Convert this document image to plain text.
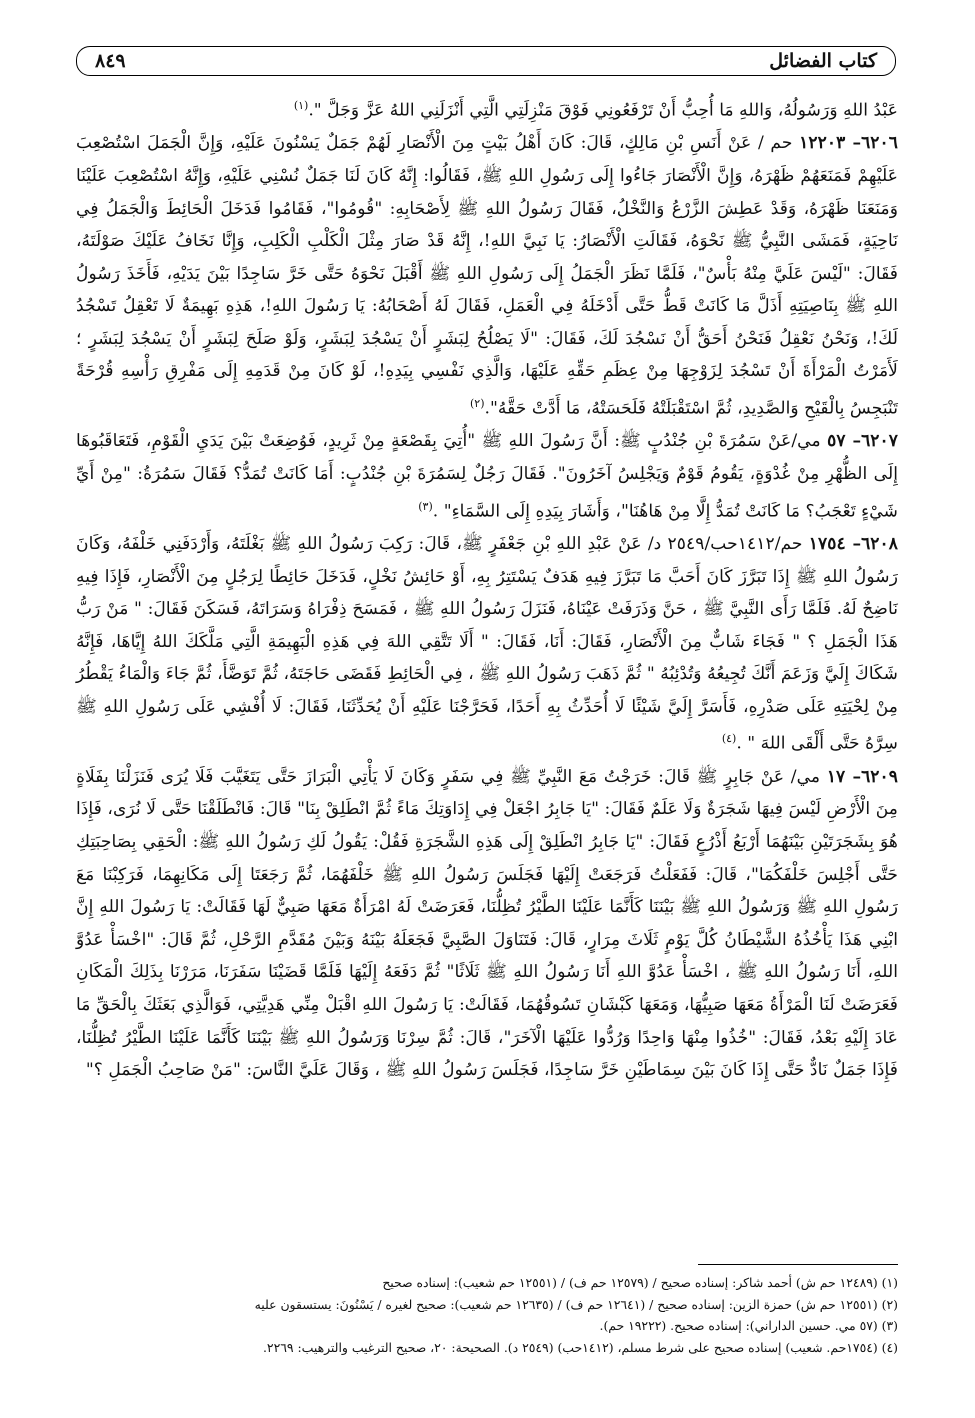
كتاب الفضائل
٨٤٩

عَبْدُ اللهِ وَرَسُولُهُ، وَاللهِ مَا أُحِبُّ أَنْ تَرْفَعُونِي فَوْقَ مَنْزِلَتِي الَّتِي أَنْزَلَنِي اللهُ عَزَّ وَجَلَّ ".$^{(١)}$

٦٢٠٦– ١٢٢٠٣ حم / عَنْ أَنَسِ بْنِ مَالِكٍ، قَالَ: كَانَ أَهْلُ بَيْتٍ مِنَ الْأَنْصَارِ لَهُمْ جَمَلٌ يَسْنُونَ عَلَيْهِ، وَإِنَّ الْجَمَلَ اسْتُصْعِبَ عَلَيْهِمْ فَمَنَعَهُمْ ظَهْرَهُ، وَإِنَّ الْأَنْصَارَ جَاءُوا إِلَى رَسُولِ اللهِ ﷺ، فَقَالُوا: إِنَّهُ كَانَ لَنَا جَمَلٌ نُسْنِي عَلَيْهِ، وَإِنَّهُ اسْتُصْعِبَ عَلَيْنَا وَمَنَعَنَا ظَهْرَهُ، وَقَدْ عَطِشَ الزَّرْعُ وَالنَّخْلُ، فَقَالَ رَسُولُ اللهِ ﷺ لِأَصْحَابِهِ: "قُومُوا"، فَقَامُوا فَدَخَلَ الْحَائِطَ وَالْجَمَلُ فِي نَاحِيَةٍ، فَمَشَى النَّبِيُّ ﷺ نَحْوَهُ، فَقَالَتِ الْأَنْصَارُ: يَا نَبِيَّ اللهِ!، إِنَّهُ قَدْ صَارَ مِثْلَ الْكَلْبِ الْكَلِبِ، وَإِنَّا نَخَافُ عَلَيْكَ صَوْلَتَهُ، فَقَالَ: "لَيْسَ عَلَيَّ مِنْهُ بَأْسٌ"، فَلَمَّا نَظَرَ الْجَمَلُ إِلَى رَسُولِ اللهِ ﷺ أَقْبَلَ نَحْوَهُ حَتَّى خَرَّ سَاجِدًا بَيْنَ يَدَيْهِ، فَأَخَذَ رَسُولُ اللهِ ﷺ بِنَاصِيَتِهِ أَذَلَّ مَا كَانَتْ قَطُّ حَتَّى أَدْخَلَهُ فِي الْعَمَلِ، فَقَالَ لَهُ أَصْحَابُهُ: يَا رَسُولَ اللهِ!، هَذِهِ بَهِيمَةٌ لَا تَعْقِلُ تَسْجُدُ لَكَ!، وَنَحْنُ نَعْقِلُ فَنَحْنُ أَحَقُّ أَنْ نَسْجُدَ لَكَ، فَقَالَ: "لَا يَصْلُحُ لِبَشَرٍ أَنْ يَسْجُدَ لِبَشَرٍ، وَلَوْ صَلَحَ لِبَشَرٍ أَنْ يَسْجُدَ لِبَشَرٍ ؛ لَأَمَرْتُ الْمَرْأَةَ أَنْ تَسْجُدَ لِزَوْجِهَا مِنْ عِظَمِ حَقِّهِ عَلَيْهَا، وَالَّذِي نَفْسِي بِيَدِهِ!، لَوْ كَانَ مِنْ قَدَمِهِ إِلَى مَفْرِقِ رَأْسِهِ قُرْحَةً تَنْبَجِسُ بِالْقَيْحِ وَالصَّدِيدِ، ثُمَّ اسْتَقْبَلَتْهُ فَلَحَسَتْهُ، مَا أَدَّتْ حَقَّهُ".$^{(٢)}$

٦٢٠٧– ٥٧ مي/عَنْ سَمُرَةَ بْنِ جُنْدُبٍ ﷺ: أَنَّ رَسُولَ اللهِ ﷺ "أُتِيَ بِقَصْعَةٍ مِنْ ثَرِيدٍ، فَوُضِعَتْ بَيْنَ يَدَيِ الْقَوْمِ، فَتَعَاقَبُوهَا إِلَى الظُّهْرِ مِنْ غُدْوَةٍ، يَقُومُ قَوْمٌ وَيَجْلِسُ آخَرُونَ". فَقَالَ رَجُلٌ لِسَمُرَةَ بْنِ جُنْدُبٍ: أَمَا كَانَتْ تُمَدُّ؟ فَقَالَ سَمُرَةُ: "مِنْ أَيِّ شَيْءٍ تَعْجَبُ؟ مَا كَانَتْ تُمَدُّ إِلَّا مِنْ هَاهُنَا"، وَأَشَارَ بِيَدِهِ إِلَى السَّمَاءِ" .$^{(٣)}$

٦٢٠٨– ١٧٥٤ حم/١٤١٢حب/٢٥٤٩ د/ عَنْ عَبْدِ اللهِ بْنِ جَعْفَرٍ ﷺ، قَالَ: رَكِبَ رَسُولُ اللهِ ﷺ بَغْلَتَهُ، وَأَرْدَفَنِي خَلْفَهُ، وَكَانَ رَسُولُ اللهِ ﷺ إِذَا تَبَرَّزَ كَانَ أَحَبَّ مَا تَبَرَّزَ فِيهِ هَدَفٌ يَسْتَتِرُ بِهِ، أَوْ حَائِشُ نَخْلٍ، فَدَخَلَ حَائِطًا لِرَجُلٍ مِنَ الْأَنْصَارِ، فَإِذَا فِيهِ نَاضِحٌ لَهُ. فَلَمَّا رَأَى النَّبِيَّ ﷺ ، حَنَّ وَذَرَفَتْ عَيْنَاهُ، فَنَزَلَ رَسُولُ اللهِ ﷺ ، فَمَسَحَ ذِفْرَاهُ وَسَرَاتَهُ، فَسَكَنَ فَقَالَ: " مَنْ رَبُّ هَذَا الْجَمَلِ ؟ " فَجَاءَ شَابٌّ مِنَ الْأَنْصَارِ، فَقَالَ: أَنَا، فَقَالَ: " أَلَا تَتَّقِي اللهَ فِي هَذِهِ الْبَهِيمَةِ الَّتِي مَلَّكَكَ اللهُ إِيَّاهَا، فَإِنَّهُ شَكَاكَ إِلَيَّ وَزَعَمَ أَنَّكَ تُجِيعُهُ وَتُدْئِبُهُ " ثُمَّ ذَهَبَ رَسُولُ اللهِ ﷺ ، فِي الْحَائِطِ فَقَضَى حَاجَتَهُ، ثُمَّ تَوَضَّأَ، ثُمَّ جَاءَ وَالْمَاءُ يَقْطُرُ مِنْ لِحْيَتِهِ عَلَى صَدْرِهِ، فَأَسَرَّ إِلَيَّ شَيْئًا لَا أُحَدِّثُ بِهِ أَحَدًا، فَحَرَّجْنَا عَلَيْهِ أَنْ يُحَدِّثَنَا، فَقَالَ: لَا أُفْشِي عَلَى رَسُولِ اللهِ ﷺ سِرَّهُ حَتَّى أَلْقَى اللهَ " .$^{(٤)}$

٦٢٠٩– ١٧ مي/ عَنْ جَابِرٍ ﷺ قَالَ: خَرَجْتُ مَعَ النَّبِيِّ ﷺ فِي سَفَرٍ وَكَانَ لَا يَأْتِي الْبَرَازَ حَتَّى يَتَغَيَّبَ فَلَا يُرَى فَنَزَلْنَا بِفَلَاةٍ مِنَ الْأَرْضِ لَيْسَ فِيهَا شَجَرَةٌ وَلَا عَلَمٌ فَقَالَ: "يَا جَابِرُ اجْعَلْ فِي إِدَاوَتِكَ مَاءً ثُمَّ انْطَلِقْ بِنَا" قَالَ: فَانْطَلَقْنَا حَتَّى لَا نُرَى، فَإِذَا هُوَ بِشَجَرَتَيْنِ بَيْنَهُمَا أَرْبَعُ أَذْرُعٍ فَقَالَ: "يَا جَابِرُ انْطَلِقْ إِلَى هَذِهِ الشَّجَرَةِ فَقُلْ: يَقُولُ لَكِ رَسُولُ اللهِ ﷺ: الْحَقِي بِصَاحِبَتِكِ حَتَّى أَجْلِسَ خَلْفَكُمَا"، قَالَ: فَفَعَلْتُ فَرَجَعَتْ إِلَيْهَا فَجَلَسَ رَسُولُ اللهِ ﷺ خَلْفَهُمَا، ثُمَّ رَجَعَتَا إِلَى مَكَانِهِمَا، فَرَكِبْنَا مَعَ رَسُولِ اللهِ ﷺ وَرَسُولُ اللهِ ﷺ بَيْنَنَا كَأَنَّمَا عَلَيْنَا الطَّيْرُ تُظِلُّنَا، فَعَرَضَتْ لَهُ امْرَأَةٌ مَعَهَا صَبِيٌّ لَهَا فَقَالَتْ: يَا رَسُولَ اللهِ إِنَّ ابْنِي هَذَا يَأْخُذُهُ الشَّيْطَانُ كُلَّ يَوْمٍ ثَلَاثَ مِرَارٍ، قَالَ: فَتَنَاوَلَ الصَّبِيَّ فَجَعَلَهُ بَيْنَهُ وَبَيْنَ مُقَدَّمِ الرَّحْلِ، ثُمَّ قَالَ: "اخْسَأْ عَدُوَّ اللهِ، أَنَا رَسُولُ اللهِ ﷺ ، اخْسَأْ عَدُوَّ اللهِ أَنَا رَسُولُ اللهِ ﷺ ثَلَاثًا" ثُمَّ دَفَعَهُ إِلَيْهَا فَلَمَّا قَضَيْنَا سَفَرَنَا، مَرَرْنَا بِذَلِكَ الْمَكَانِ فَعَرَضَتْ لَنَا الْمَرْأَةُ مَعَهَا صَبِيُّهَا، وَمَعَهَا كَبْشَانِ تَسُوقُهُمَا، فَقَالَتْ: يَا رَسُولَ اللهِ اقْبَلْ مِنِّي هَدِيَّتِي، فَوَالَّذِي بَعَثَكَ بِالْحَقِّ مَا عَادَ إِلَيْهِ بَعْدُ، فَقَالَ: "خُذُوا مِنْهَا وَاحِدًا وَرُدُّوا عَلَيْهَا الْآخَرَ"، قَالَ: ثُمَّ سِرْنَا وَرَسُولُ اللهِ ﷺ بَيْنَنَا كَأَنَّمَا عَلَيْنَا الطَّيْرُ تُظِلُّنَا، فَإِذَا جَمَلٌ نَادٌّ حَتَّى إِذَا كَانَ بَيْنَ سِمَاطَيْنِ خَرَّ سَاجِدًا، فَجَلَسَ رَسُولُ اللهِ ﷺ ، وَقَالَ عَلَيَّ النَّاسَ: "مَنْ صَاحِبُ الْجَمَلِ ؟"

(١) (١٢٤٨٩ حم ش) أحمد شاكر: إسناده صحيح / (١٢٥٧٩ حم ف) / (١٢٥٥١ حم شعيب): إسناده صحيح

(٢) (١٢٥٥١ حم ش) حمزة الزين: إسناده صحيح / (١٢٦٤١ حم ف) / (١٢٦٣٥ حم شعيب): صحيح لغيره / يَسْنُونَ: يستسقون عليه

(٣) (٥٧ مي. حسين الداراني): إسناده صحيح. (١٩٢٢٢ حم).

(٤) (١٧٥٤حم. شعيب) إسناده صحيح على شرط مسلم، (١٤١٢حب) (٢٥٤٩ د). الصحيحة: ٢٠، صحيح الترغيب والترهيب: ٢٢٦٩.
